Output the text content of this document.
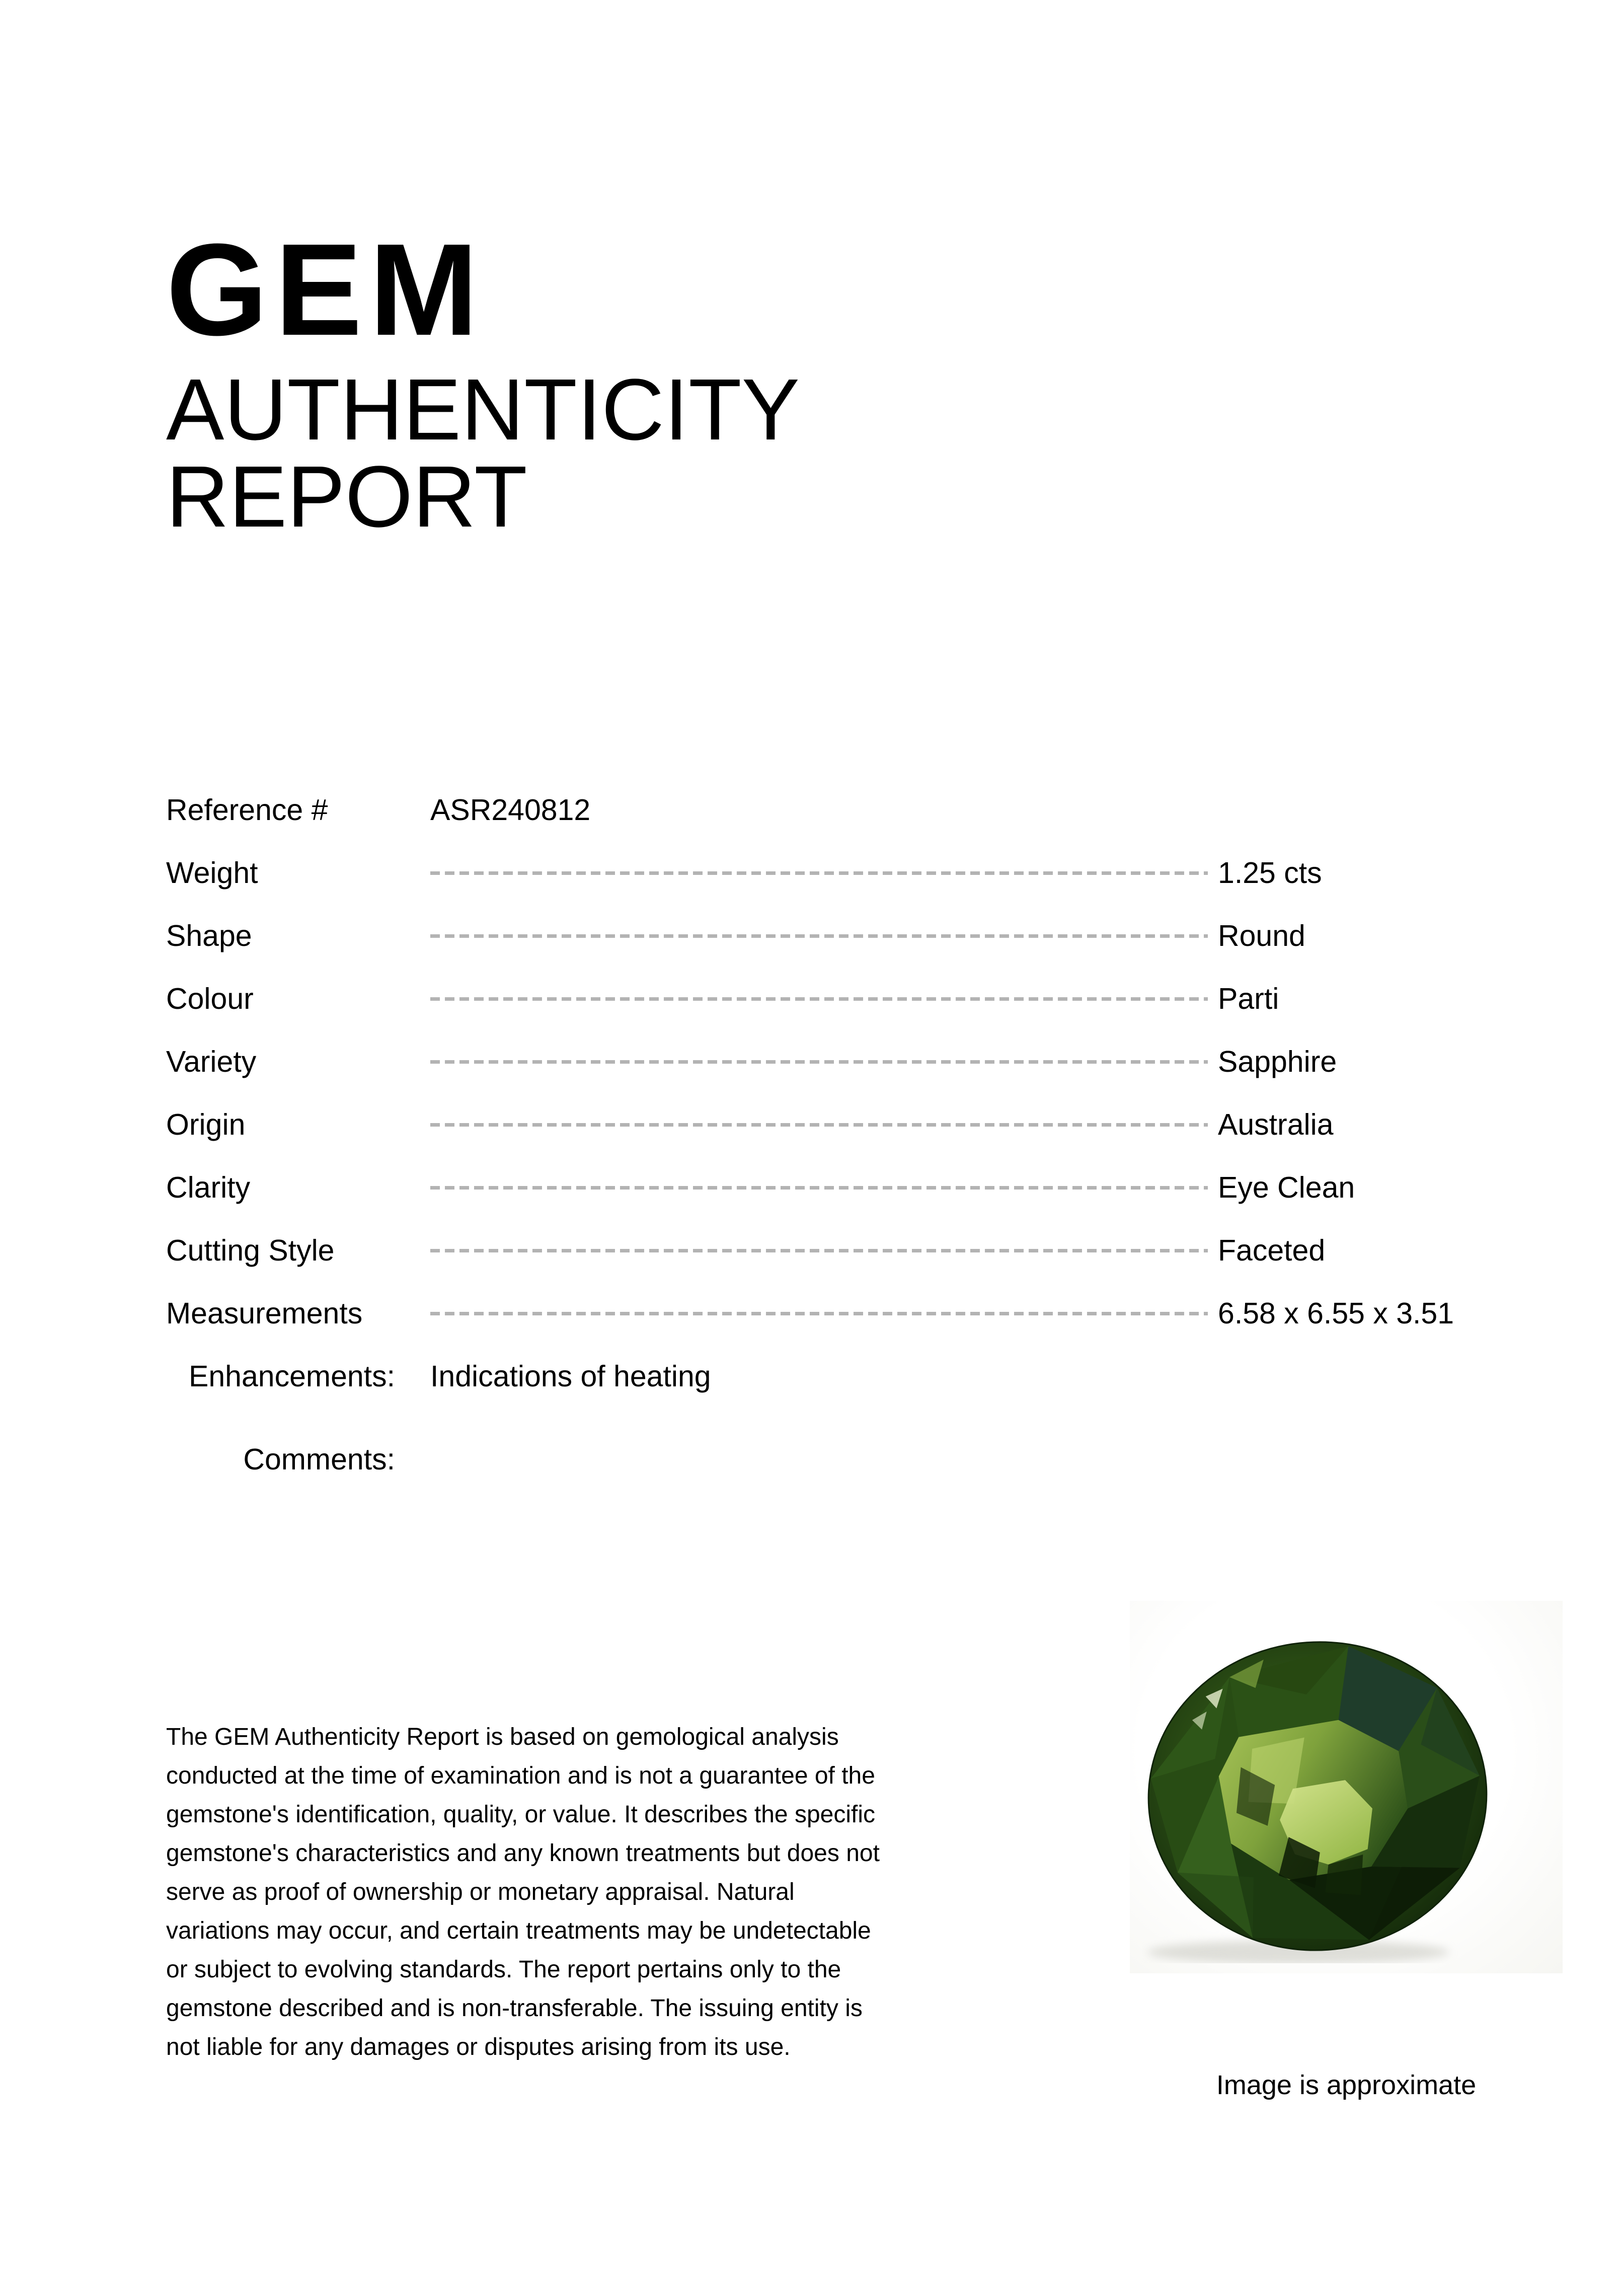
GEM
AUTHENTICITY
REPORT
Reference #	ASR240812
Weight	1.25 cts
Shape	Round
Colour	Parti
Variety	Sapphire
Origin	Australia
Clarity	Eye Clean
Cutting Style	Faceted
Measurements	6.58 x 6.55 x 3.51
Enhancements:	Indications of heating
Comments:
The GEM Authenticity Report is based on gemological analysis
conducted at the time of examination and is not a guarantee of the
gemstone's identification, quality, or value. It describes the specific
gemstone's characteristics and any known treatments but does not
serve as proof of ownership or monetary appraisal. Natural
variations may occur, and certain treatments may be undetectable
or subject to evolving standards. The report pertains only to the
gemstone described and is non-transferable. The issuing entity is
not liable for any damages or disputes arising from its use.
Image is approximate
